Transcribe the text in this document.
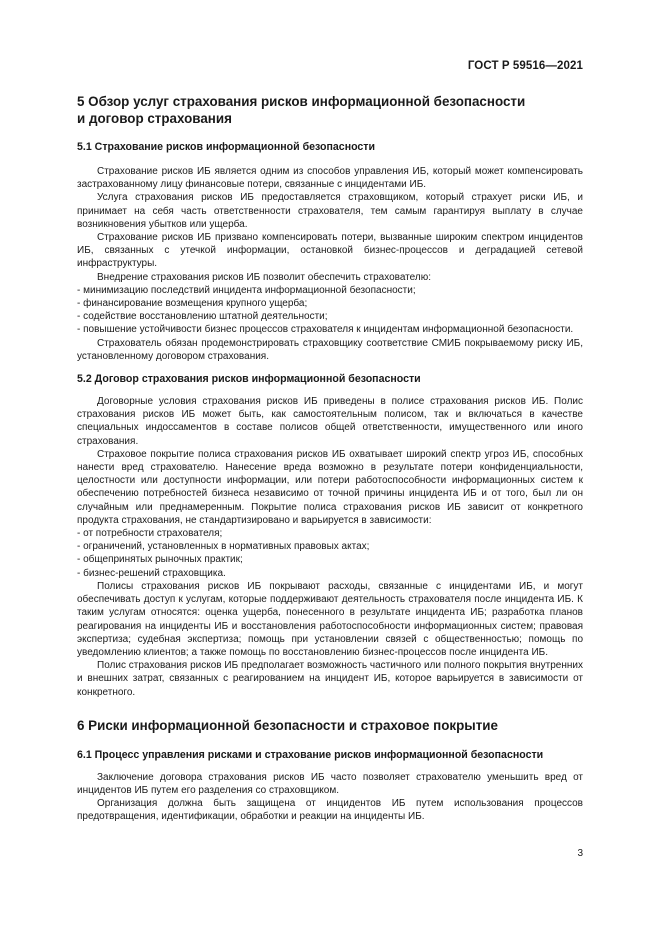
ГОСТ Р 59516—2021
5 Обзор услуг страхования рисков информационной безопасности
и договор страхования
5.1 Страхование рисков информационной безопасности

Страхование рисков ИБ является одним из способов управления ИБ, который может компенсировать застрахованному лицу финансовые потери, связанные с инцидентами ИБ.

Услуга страхования рисков ИБ предоставляется страховщиком, который страхует риски ИБ, и принимает на себя часть ответственности страхователя, тем самым гарантируя выплату в случае возникновения убытков или ущерба.

Страхование рисков ИБ призвано компенсировать потери, вызванные широким спектром инцидентов ИБ, связанных с утечкой информации, остановкой бизнес-процессов и деградацией сетевой инфраструктуры.

Внедрение страхования рисков ИБ позволит обеспечить страхователю:

- минимизацию последствий инцидента информационной безопасности;

- финансирование возмещения крупного ущерба;

- содействие восстановлению штатной деятельности;

- повышение устойчивости бизнес процессов страхователя к инцидентам информационной безопасности.

Страхователь обязан продемонстрировать страховщику соответствие СМИБ покрываемому риску ИБ, установленному договором страхования.

5.2 Договор страхования рисков информационной безопасности

Договорные условия страхования рисков ИБ приведены в полисе страхования рисков ИБ. Полис страхования рисков ИБ может быть, как самостоятельным полисом, так и включаться в качестве специальных индоссаментов в составе полисов общей ответственности, имущественного или иного страхования.

Страховое покрытие полиса страхования рисков ИБ охватывает широкий спектр угроз ИБ, способных нанести вред страхователю. Нанесение вреда возможно в результате потери конфиденциальности, целостности или доступности информации, или потери работоспособности информационных систем к обеспечению потребностей бизнеса независимо от точной причины инцидента ИБ и от того, был ли он случайным или преднамеренным. Покрытие полиса страхования рисков ИБ зависит от конкретного продукта страхования, не стандартизировано и варьируется в зависимости:

- от потребности страхователя;

- ограничений, установленных в нормативных правовых актах;

- общепринятых рыночных практик;

- бизнес-решений страховщика.

Полисы страхования рисков ИБ покрывают расходы, связанные с инцидентами ИБ, и могут обеспечивать доступ к услугам, которые поддерживают деятельность страхователя после инцидента ИБ. К таким услугам относятся: оценка ущерба, понесенного в результате инцидента ИБ; разработка планов реагирования на инциденты ИБ и восстановления работоспособности информационных систем; правовая экспертиза; судебная экспертиза; помощь при установлении связей с общественностью; помощь по уведомлению клиентов; а также помощь по восстановлению бизнес-процессов после инцидента ИБ.

Полис страхования рисков ИБ предполагает возможность частичного или полного покрытия внутренних и внешних затрат, связанных с реагированием на инцидент ИБ, которое варьируется в зависимости от конкретного.

6 Риски информационной безопасности и страховое покрытие
6.1 Процесс управления рисками и страхование рисков информационной безопасности

Заключение договора страхования рисков ИБ часто позволяет страхователю уменьшить вред от инцидентов ИБ путем его разделения со страховщиком.

Организация должна быть защищена от инцидентов ИБ путем использования процессов предотвращения, идентификации, обработки и реакции на инциденты ИБ.

3
